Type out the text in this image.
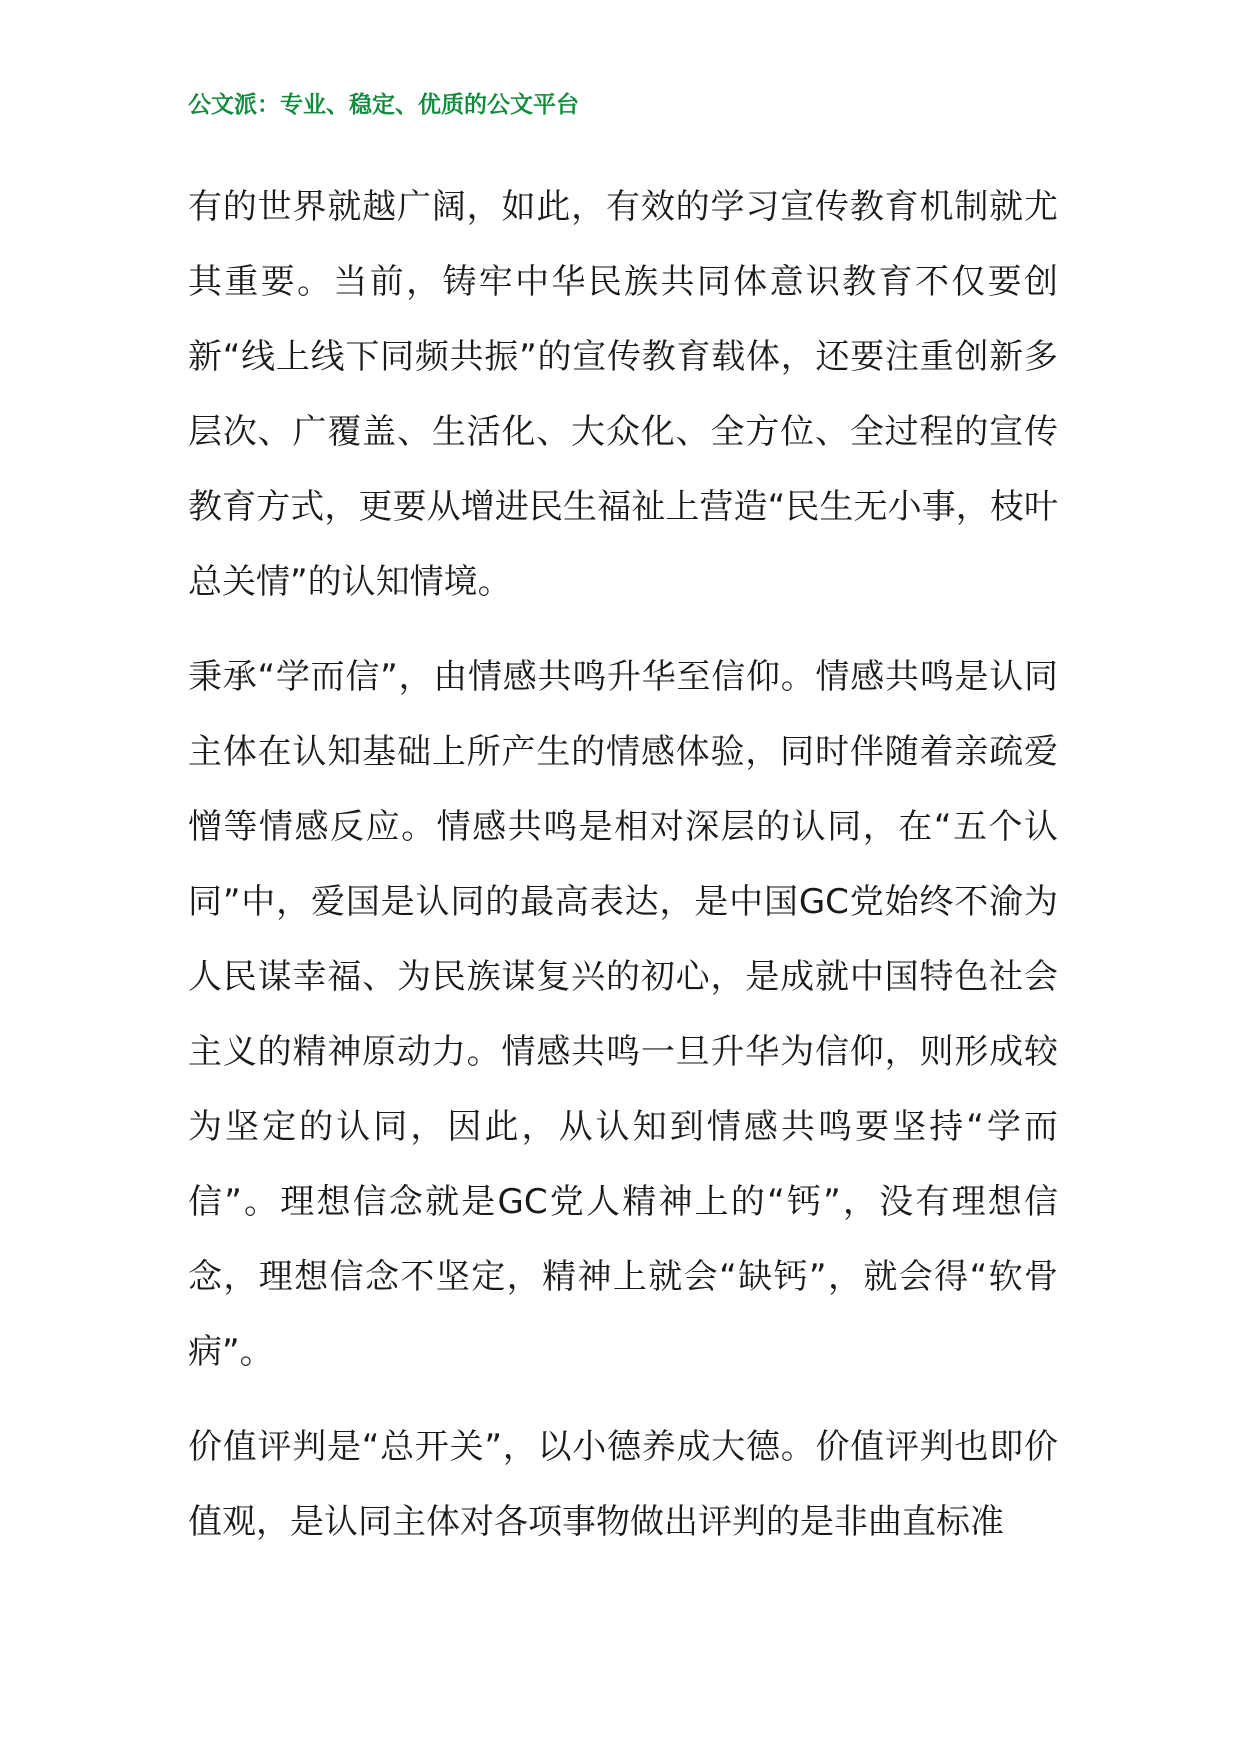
公文派：专业、稳定、优质的公文平台

有的世界就越广阔，如此，有效的学习宣传教育机制就尤其重要。当前，铸牢中华民族共同体意识教育不仅要创新“线上线下同频共振”的宣传教育载体，还要注重创新多层次、广覆盖、生活化、大众化、全方位、全过程的宣传教育方式，更要从增进民生福祉上营造“民生无小事，枝叶总关情”的认知情境。

秉承“学而信”，由情感共鸣升华至信仰。情感共鸣是认同主体在认知基础上所产生的情感体验，同时伴随着亲疏爱憎等情感反应。情感共鸣是相对深层的认同，在“五个认同”中，爱国是认同的最高表达，是中国GC党始终不渝为人民谋幸福、为民族谋复兴的初心，是成就中国特色社会主义的精神原动力。情感共鸣一旦升华为信仰，则形成较为坚定的认同，因此，从认知到情感共鸣要坚持“学而信”。理想信念就是GC党人精神上的“钙”，没有理想信念，理想信念不坚定，精神上就会“缺钙”，就会得“软骨病”。

价值评判是“总开关”，以小德养成大德。价值评判也即价值观，是认同主体对各项事物做出评判的是非曲直标准
